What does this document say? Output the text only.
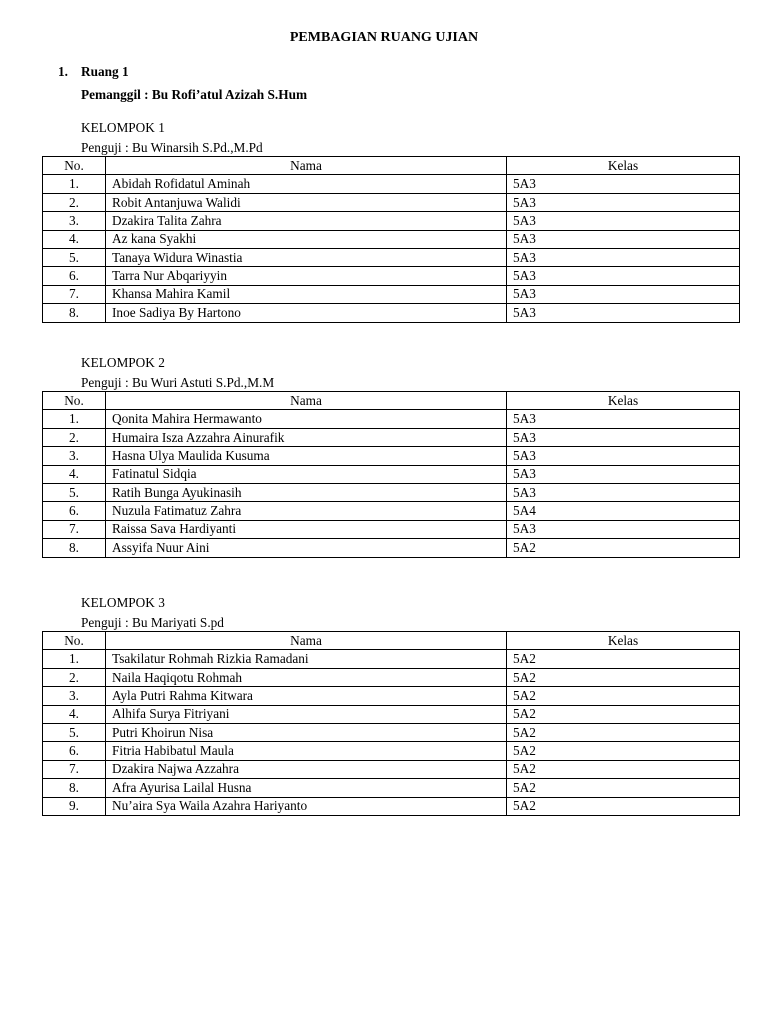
PEMBAGIAN RUANG UJIAN
1. Ruang 1
Pemanggil : Bu Rofi’atul Azizah S.Hum
KELOMPOK 1
Penguji : Bu Winarsih S.Pd.,M.Pd
No.	Nama	Kelas
1.	Abidah Rofidatul Aminah	5A3
2.	Robit Antanjuwa Walidi	5A3
3.	Dzakira Talita Zahra	5A3
4.	Az kana Syakhi	5A3
5.	Tanaya Widura Winastia	5A3
6.	Tarra Nur Abqariyyin	5A3
7.	Khansa Mahira Kamil	5A3
8.	Inoe Sadiya By Hartono	5A3
KELOMPOK 2
Penguji : Bu Wuri Astuti S.Pd.,M.M
No.	Nama	Kelas
1.	Qonita Mahira Hermawanto	5A3
2.	Humaira Isza Azzahra Ainurafik	5A3
3.	Hasna Ulya Maulida Kusuma	5A3
4.	Fatinatul Sidqia	5A3
5.	Ratih Bunga Ayukinasih	5A3
6.	Nuzula Fatimatuz Zahra	5A4
7.	Raissa Sava Hardiyanti	5A3
8.	Assyifa Nuur Aini	5A2
KELOMPOK 3
Penguji : Bu Mariyati S.pd
No.	Nama	Kelas
1.	Tsakilatur Rohmah Rizkia Ramadani	5A2
2.	Naila Haqiqotu Rohmah	5A2
3.	Ayla Putri Rahma Kitwara	5A2
4.	Alhifa Surya Fitriyani	5A2
5.	Putri Khoirun Nisa	5A2
6.	Fitria Habibatul Maula	5A2
7.	Dzakira Najwa Azzahra	5A2
8.	Afra Ayurisa Lailal Husna	5A2
9.	Nu’aira Sya Waila Azahra Hariyanto	5A2
